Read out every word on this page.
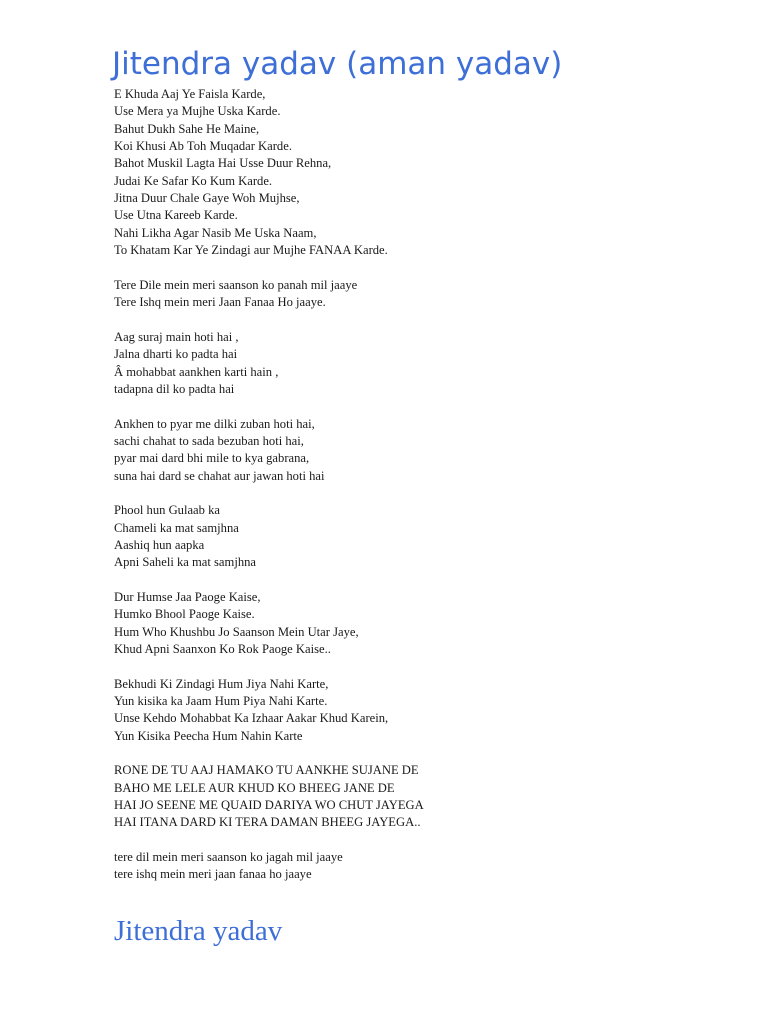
Jitendra yadav (aman yadav)
E Khuda Aaj Ye Faisla Karde,
Use Mera ya Mujhe Uska Karde.
Bahut Dukh Sahe He Maine,
Koi Khusi Ab Toh Muqadar Karde.
Bahot Muskil Lagta Hai Usse Duur Rehna,
Judai Ke Safar Ko Kum Karde.
Jitna Duur Chale Gaye Woh Mujhse,
Use Utna Kareeb Karde.
Nahi Likha Agar Nasib Me Uska Naam,
To Khatam Kar Ye Zindagi aur Mujhe FANAA Karde.
Tere Dile mein meri saanson ko panah mil jaaye
Tere Ishq mein meri Jaan Fanaa Ho jaaye.
Aag suraj main hoti hai ,
Jalna dharti ko padta hai
Â mohabbat aankhen karti hain ,
tadapna dil ko padta hai
Ankhen to pyar me dilki zuban hoti hai,
sachi chahat to sada bezuban hoti hai,
pyar mai dard bhi mile to kya gabrana,
suna hai dard se chahat aur jawan hoti hai
Phool hun Gulaab ka
Chameli ka mat samjhna
Aashiq hun aapka
Apni Saheli ka mat samjhna
Dur Humse Jaa Paoge Kaise,
Humko Bhool Paoge Kaise.
Hum Who Khushbu Jo Saanson Mein Utar Jaye,
Khud Apni Saanxon Ko Rok Paoge Kaise..
Bekhudi Ki Zindagi Hum Jiya Nahi Karte,
Yun kisika ka Jaam Hum Piya Nahi Karte.
Unse Kehdo Mohabbat Ka Izhaar Aakar Khud Karein,
Yun Kisika Peecha Hum Nahin Karte
RONE DE TU AAJ HAMAKO TU AANKHE SUJANE DE
BAHO ME LELE AUR KHUD KO BHEEG JANE DE
HAI JO SEENE ME QUAID DARIYA WO CHUT JAYEGA
HAI ITANA DARD KI TERA DAMAN BHEEG JAYEGA..
tere dil mein meri saanson ko jagah mil jaaye
tere ishq mein meri jaan fanaa ho jaaye
Jitendra yadav
